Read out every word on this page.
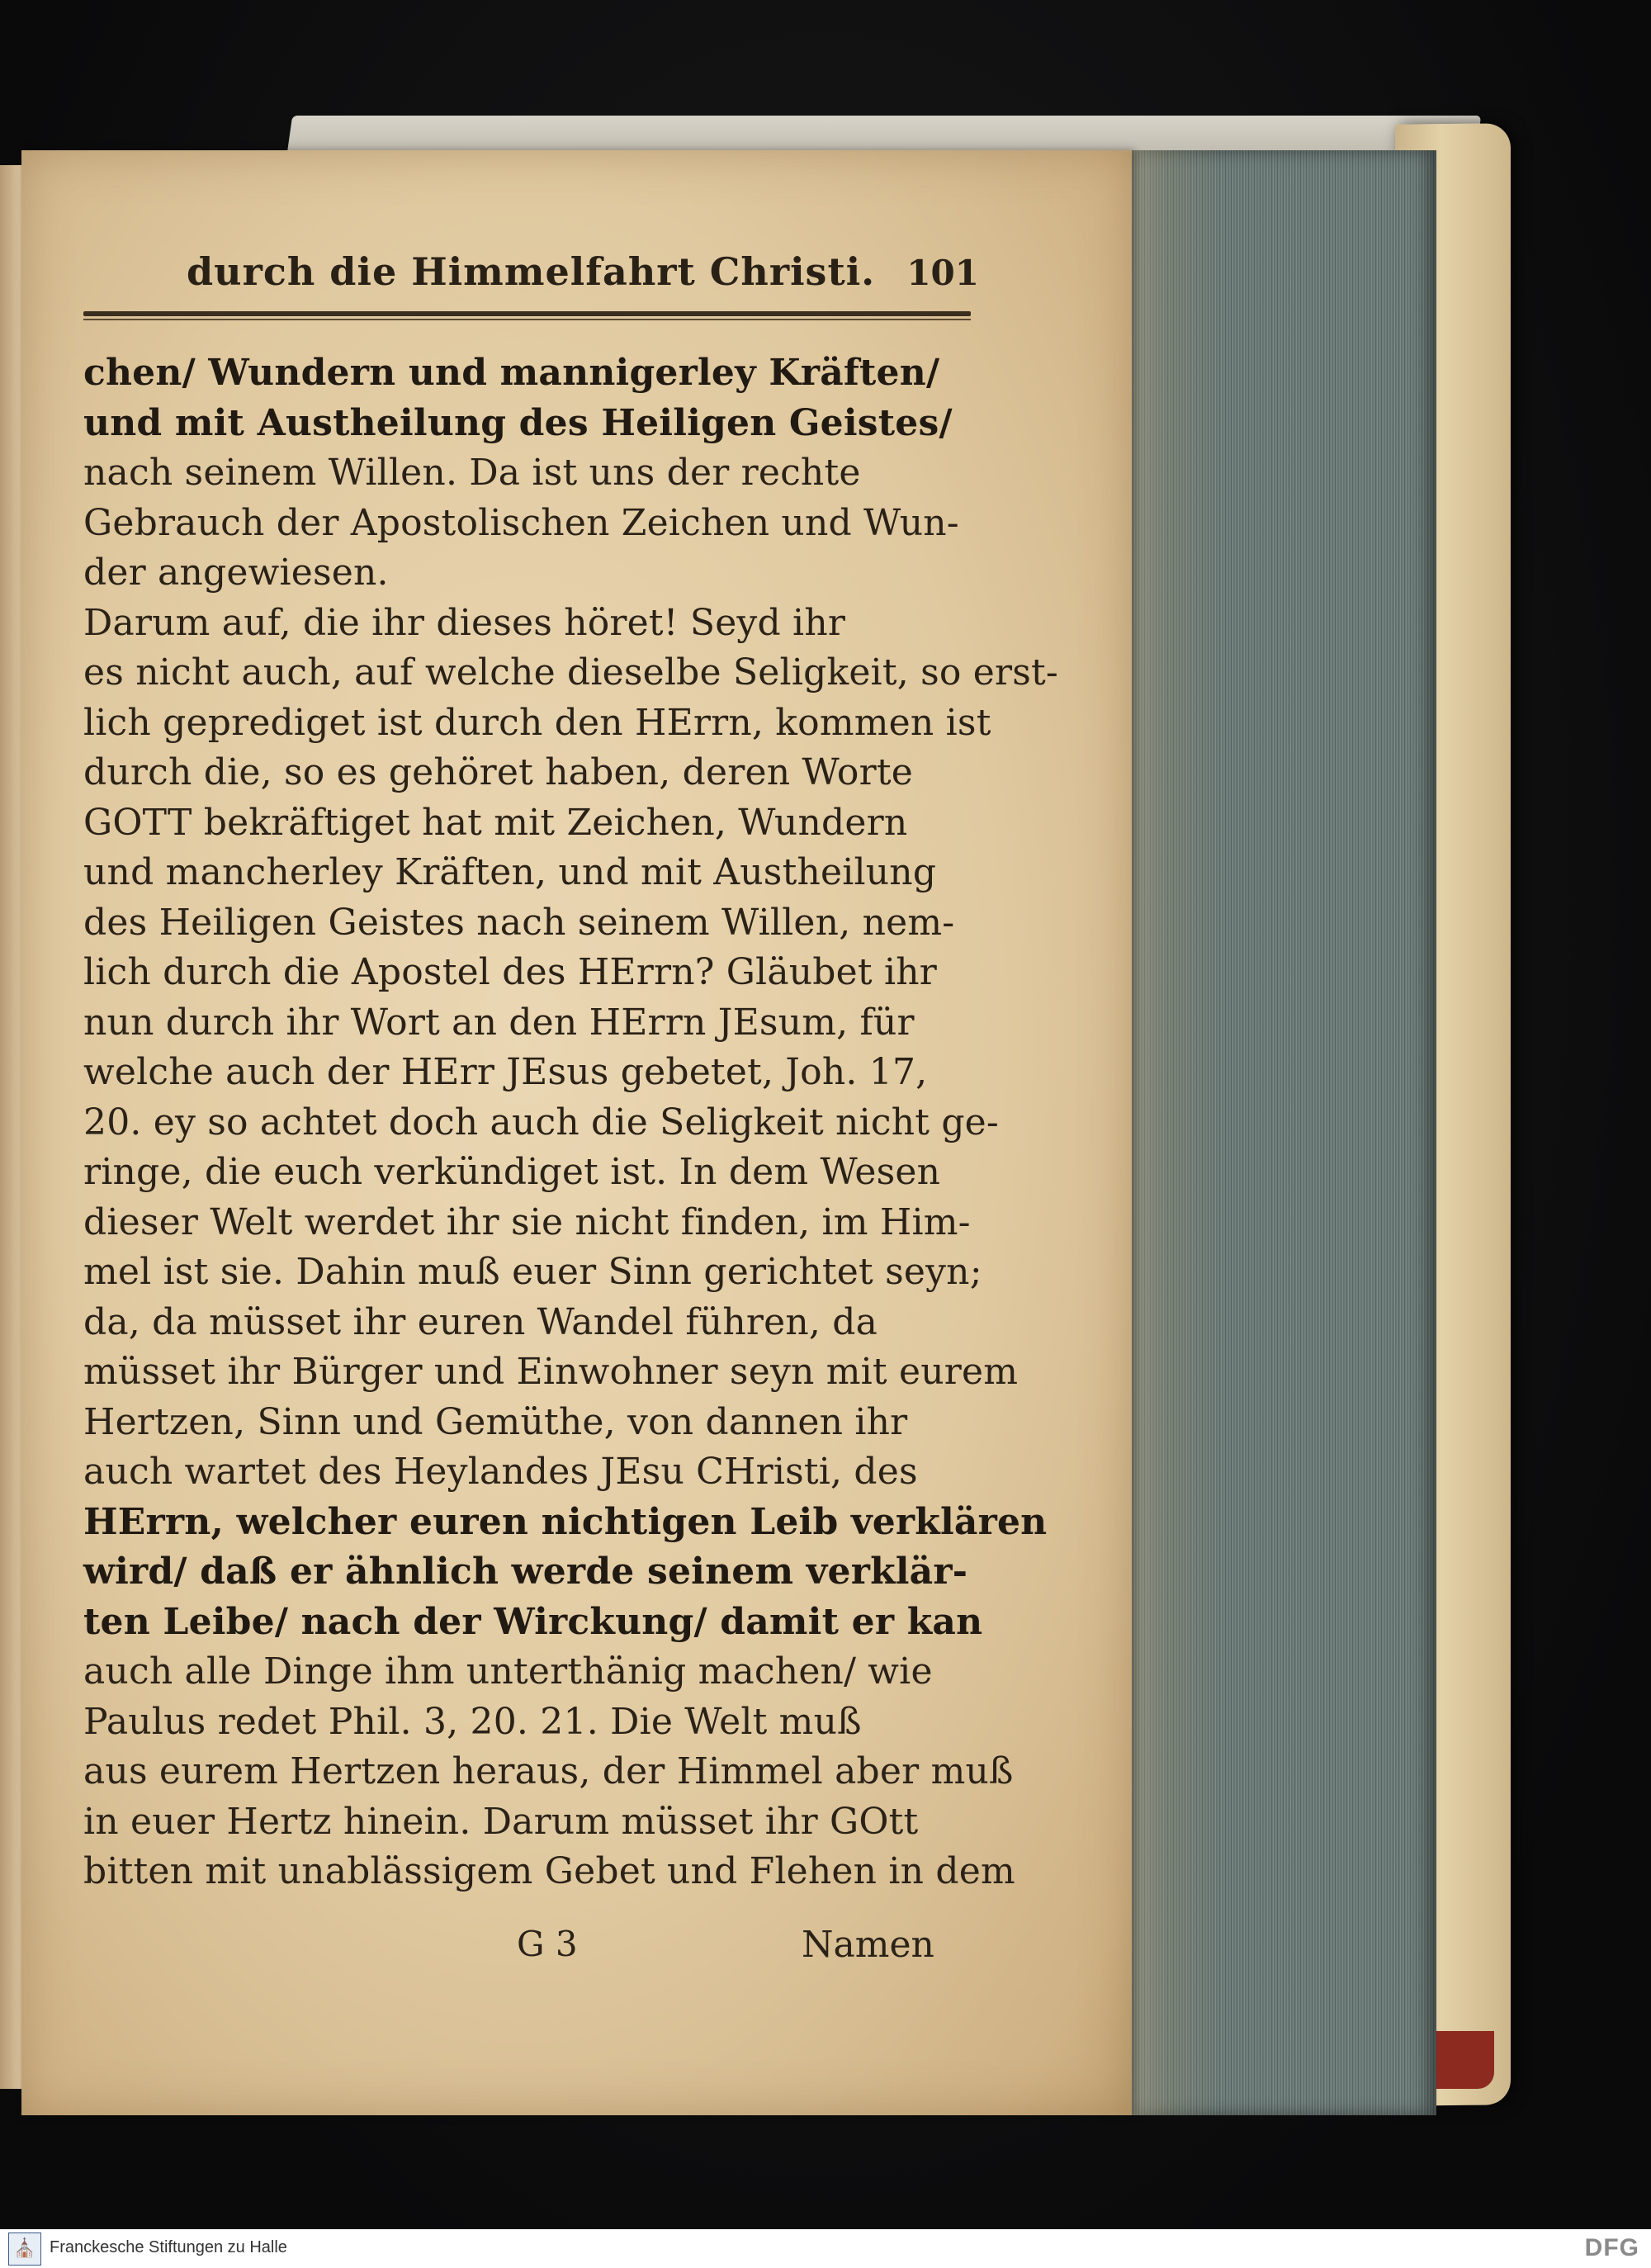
durch die Himmelfahrt Christi. 101
chen/ Wundern und mannigerley Kräften/
und mit Austheilung des Heiligen Geistes/
nach seinem Willen. Da ist uns der rechte
Gebrauch der Apostolischen Zeichen und Wun-
der angewiesen.
Darum auf, die ihr dieses höret! Seyd ihr
es nicht auch, auf welche dieselbe Seligkeit, so erst-
lich geprediget ist durch den HErrn, kommen ist
durch die, so es gehöret haben, deren Worte
GOTT bekräftiget hat mit Zeichen, Wundern
und mancherley Kräften, und mit Austheilung
des Heiligen Geistes nach seinem Willen, nem-
lich durch die Apostel des HErrn? Gläubet ihr
nun durch ihr Wort an den HErrn JEsum, für
welche auch der HErr JEsus gebetet, Joh. 17,
20. ey so achtet doch auch die Seligkeit nicht ge-
ringe, die euch verkündiget ist. In dem Wesen
dieser Welt werdet ihr sie nicht finden, im Him-
mel ist sie. Dahin muß euer Sinn gerichtet seyn;
da, da müsset ihr euren Wandel führen, da
müsset ihr Bürger und Einwohner seyn mit eurem
Hertzen, Sinn und Gemüthe, von dannen ihr
auch wartet des Heylandes JEsu CHristi, des
HErrn, welcher euren nichtigen Leib verklären
wird/ daß er ähnlich werde seinem verklär-
ten Leibe/ nach der Wirckung/ damit er kan
auch alle Dinge ihm unterthänig machen/ wie
Paulus redet Phil. 3, 20. 21. Die Welt muß
aus eurem Hertzen heraus, der Himmel aber muß
in euer Hertz hinein. Darum müsset ihr GOtt
bitten mit unablässigem Gebet und Flehen in dem
G 3	Namen
⛪ Franckesche Stiftungen zu Halle	DFG
